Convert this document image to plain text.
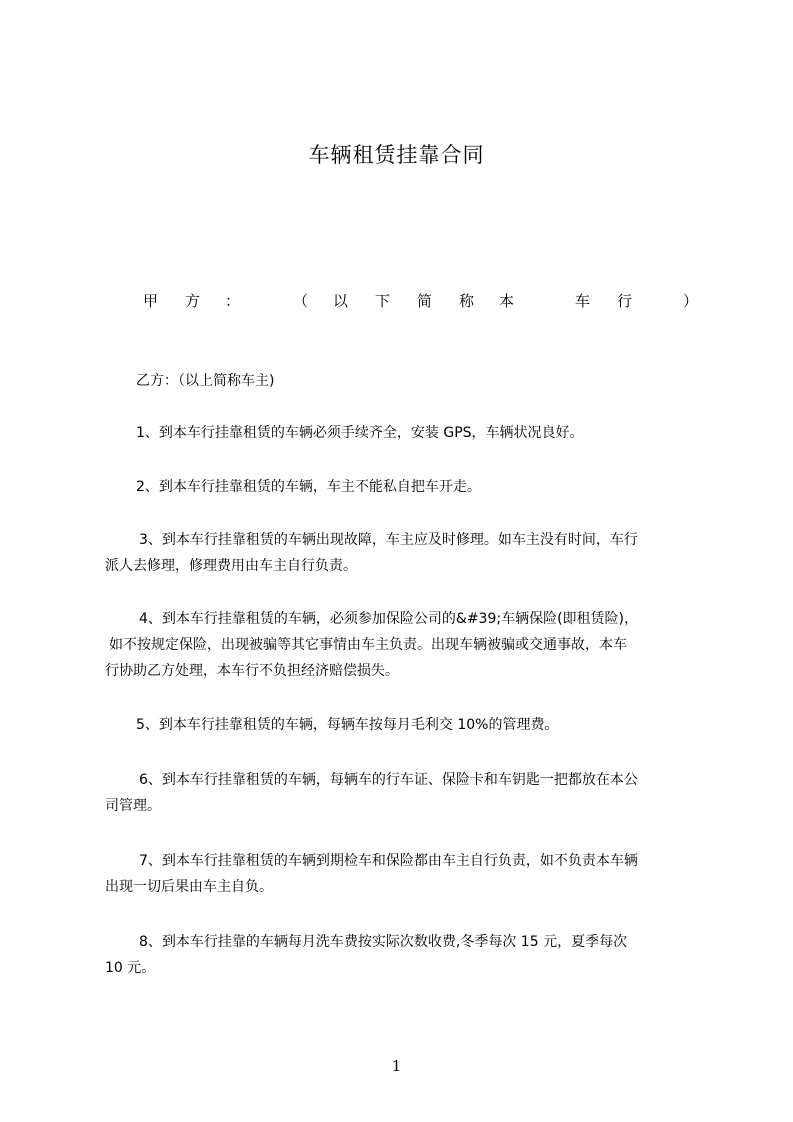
车辆租赁挂靠合同
甲 方 ：	（ 以 下 简 称 本	车 行	）

乙方：（以上简称车主)

1、到本车行挂靠租赁的车辆必须手续齐全，安装 GPS，车辆状况良好。

2、到本车行挂靠租赁的车辆，车主不能私自把车开走。

3、到本车行挂靠租赁的车辆出现故障，车主应及时修理。如车主没有时间，车行
派人去修理，修理费用由车主自行负责。

4、到本车行挂靠租赁的车辆，必须参加保险公司的&#39;车辆保险(即租赁险)，
如不按规定保险，出现被骗等其它事情由车主负责。出现车辆被骗或交通事故，本车
行协助乙方处理，本车行不负担经济赔偿损失。

5、到本车行挂靠租赁的车辆，每辆车按每月毛利交 10%的管理费。

6、到本车行挂靠租赁的车辆，每辆车的行车证、保险卡和车钥匙一把都放在本公
司管理。

7、到本车行挂靠租赁的车辆到期检车和保险都由车主自行负责，如不负责本车辆
出现一切后果由车主自负。

8、到本车行挂靠的车辆每月洗车费按实际次数收费,冬季每次 15 元，夏季每次
10 元。

1
